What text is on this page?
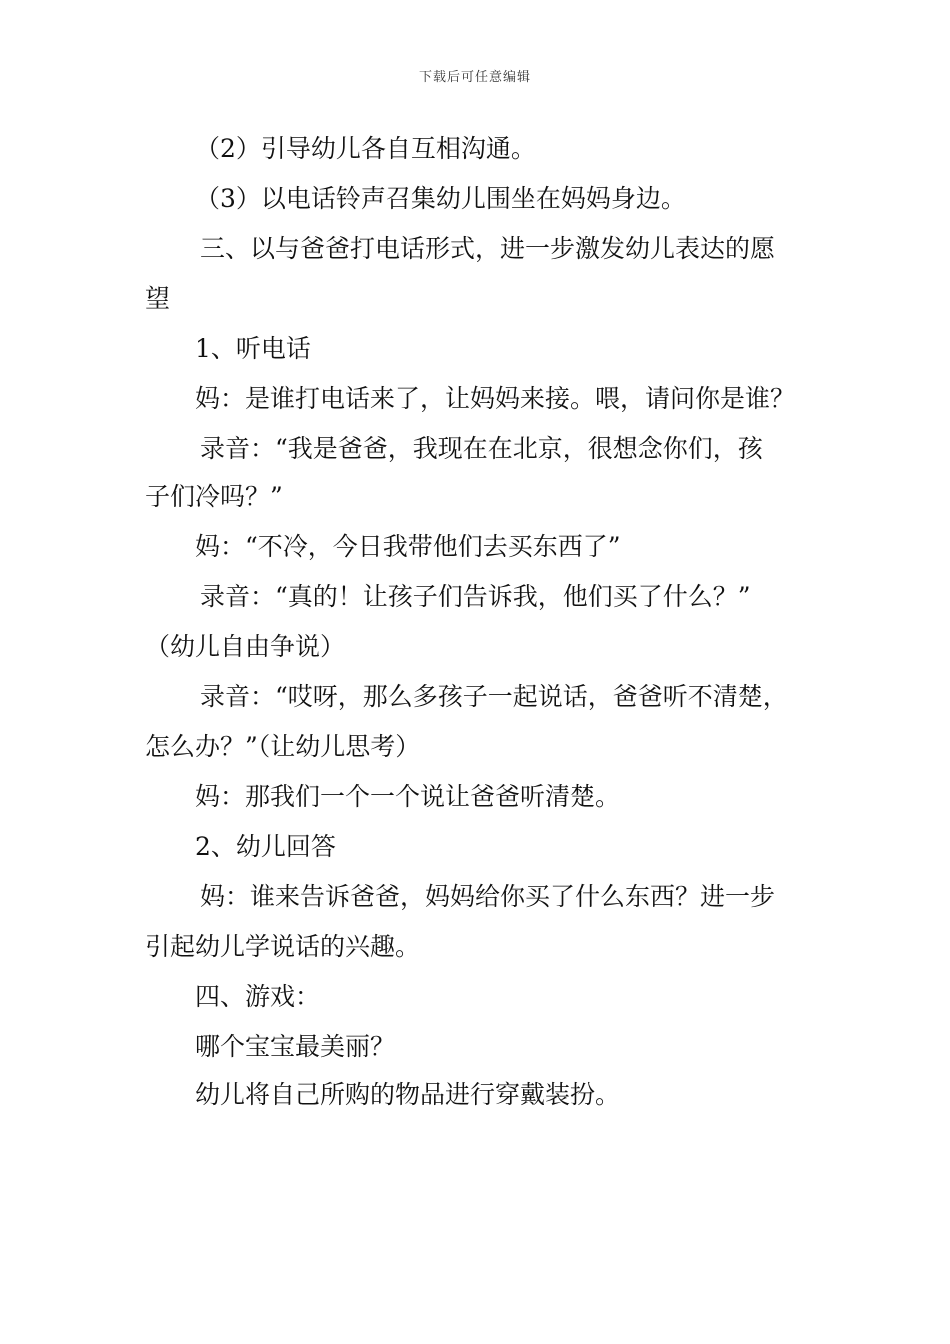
下载后可任意编辑
（2）引导幼儿各自互相沟通。
（3）以电话铃声召集幼儿围坐在妈妈身边。
三、以与爸爸打电话形式，进一步激发幼儿表达的愿
望
1、听电话
妈：是谁打电话来了，让妈妈来接。喂，请问你是谁？
录音：“我是爸爸，我现在在北京，很想念你们，孩
子们冷吗？”
妈：“不冷，今日我带他们去买东西了”
录音：“真的！让孩子们告诉我，他们买了什么？”
（幼儿自由争说）
录音：“哎呀，那么多孩子一起说话，爸爸听不清楚，
怎么办？”（让幼儿思考）
妈：那我们一个一个说让爸爸听清楚。
2、幼儿回答
妈：谁来告诉爸爸，妈妈给你买了什么东西？进一步
引起幼儿学说话的兴趣。
四、游戏：
哪个宝宝最美丽？
幼儿将自己所购的物品进行穿戴装扮。
